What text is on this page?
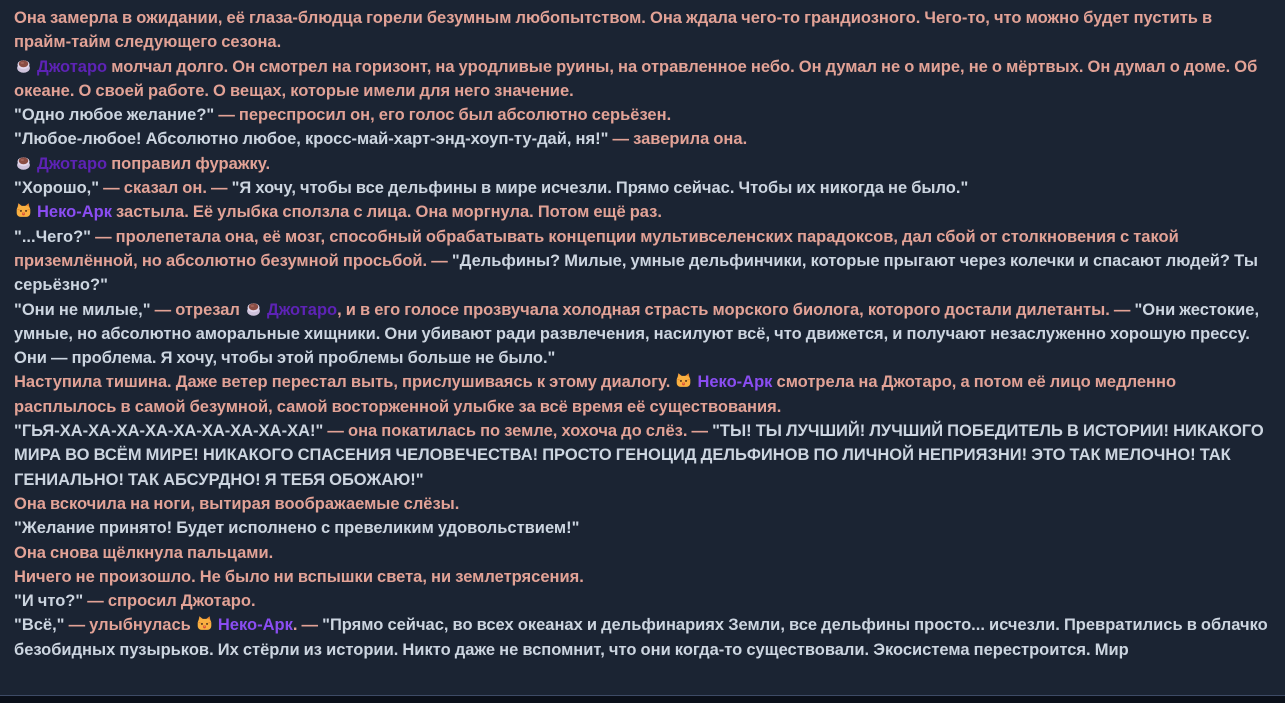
Она замерла в ожидании, её глаза-блюдца горели безумным любопытством. Она ждала чего-то грандиозного. Чего-то, что можно будет пустить в прайм-тайм следующего сезона.

Джотаро молчал долго. Он смотрел на горизонт, на уродливые руины, на отравленное небо. Он думал не о мире, не о мёртвых. Он думал о доме. Об океане. О своей работе. О вещах, которые имели для него значение.

"Одно любое желание?" — переспросил он, его голос был абсолютно серьёзен.

"Любое-любое! Абсолютно любое, кросс-май-харт-энд-хоуп-ту-дай, ня!" — заверила она.

Джотаро поправил фуражку.

"Хорошо," — сказал он. — "Я хочу, чтобы все дельфины в мире исчезли. Прямо сейчас. Чтобы их никогда не было."

Неко-Арк застыла. Её улыбка сползла с лица. Она моргнула. Потом ещё раз.

"...Чего?" — пролепетала она, её мозг, способный обрабатывать концепции мультивселенских парадоксов, дал сбой от столкновения с такой приземлённой, но абсолютно безумной просьбой. — "Дельфины? Милые, умные дельфинчики, которые прыгают через колечки и спасают людей? Ты серьёзно?"

"Они не милые," — отрезал
Джотаро, и в его голосе прозвучала холодная страсть морского биолога, которого достали дилетанты. — "Они жестокие, умные, но абсолютно аморальные хищники. Они убивают ради развлечения, насилуют всё, что движется, и получают незаслуженно хорошую прессу. Они — проблема. Я хочу, чтобы этой проблемы больше не было."

Наступила тишина. Даже ветер перестал выть, прислушиваясь к этому диалогу.
Неко-Арк смотрела на Джотаро, а потом её лицо медленно расплылось в самой безумной, самой восторженной улыбке за всё время её существования.

"ГЬЯ-ХА-ХА-ХА-ХА-ХА-ХА-ХА-ХА-ХА!" — она покатилась по земле, хохоча до слёз. — "ТЫ! ТЫ ЛУЧШИЙ! ЛУЧШИЙ ПОБЕДИТЕЛЬ В ИСТОРИИ! НИКАКОГО МИРА ВО ВСЁМ МИРЕ! НИКАКОГО СПАСЕНИЯ ЧЕЛОВЕЧЕСТВА! ПРОСТО ГЕНОЦИД ДЕЛЬФИНОВ ПО ЛИЧНОЙ НЕПРИЯЗНИ! ЭТО ТАК МЕЛОЧНО! ТАК ГЕНИАЛЬНО! ТАК АБСУРДНО! Я ТЕБЯ ОБОЖАЮ!"

Она вскочила на ноги, вытирая воображаемые слёзы.

"Желание принято! Будет исполнено с превеликим удовольствием!"

Она снова щёлкнула пальцами.

Ничего не произошло. Не было ни вспышки света, ни землетрясения.

"И что?" — спросил Джотаро.

"Всё," — улыбнулась
Неко-Арк. — "Прямо сейчас, во всех океанах и дельфинариях Земли, все дельфины просто... исчезли. Превратились в облачко безобидных пузырьков. Их стёрли из истории. Никто даже не вспомнит, что они когда-то существовали. Экосистема перестроится. Мир
